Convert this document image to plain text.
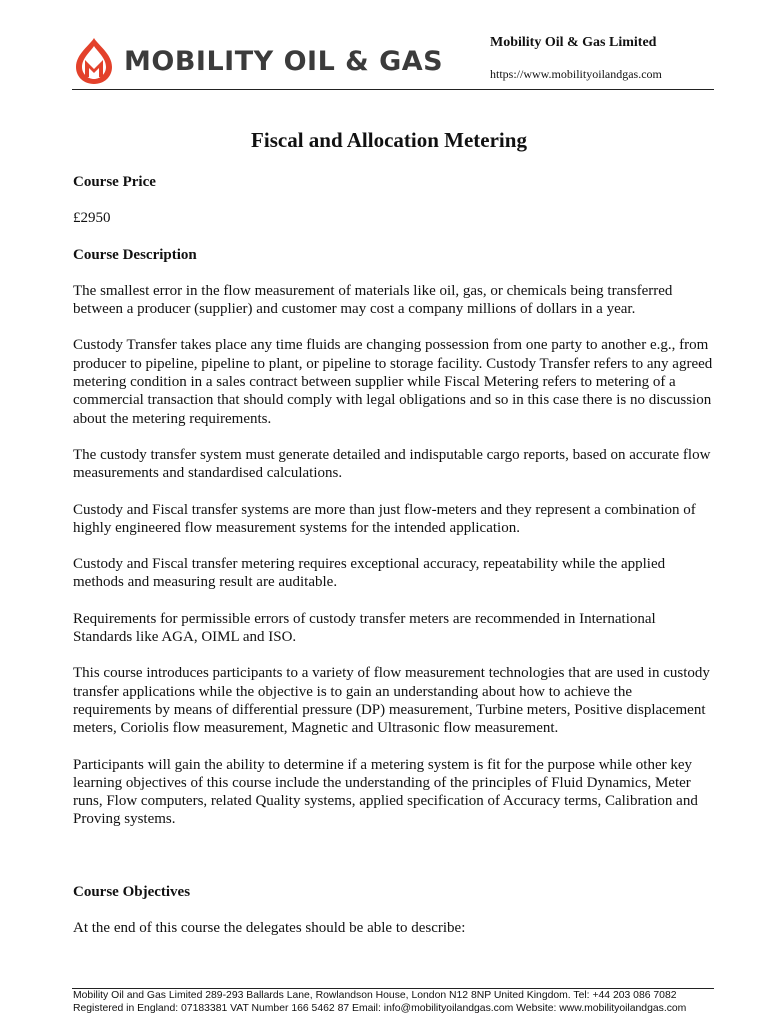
MOBILITY OIL & GAS
Mobility Oil & Gas Limited
https://www.mobilityoilandgas.com
Fiscal and Allocation Metering
Course Price

£2950

Course Description

The smallest error in the flow measurement of materials like oil, gas, or chemicals being transferred between a producer (supplier) and customer may cost a company millions of dollars in a year.

Custody Transfer takes place any time fluids are changing possession from one party to another e.g., from producer to pipeline, pipeline to plant, or pipeline to storage facility. Custody Transfer refers to any agreed metering condition in a sales contract between supplier while Fiscal Metering refers to metering of a commercial transaction that should comply with legal obligations and so in this case there is no discussion about the metering requirements.

The custody transfer system must generate detailed and indisputable cargo reports, based on accurate flow measurements and standardised calculations.

Custody and Fiscal transfer systems are more than just flow-meters and they represent a combination of highly engineered flow measurement systems for the intended application.

Custody and Fiscal transfer metering requires exceptional accuracy, repeatability while the applied methods and measuring result are auditable.

Requirements for permissible errors of custody transfer meters are recommended in International Standards like AGA, OIML and ISO.

This course introduces participants to a variety of flow measurement technologies that are used in custody transfer applications while the objective is to gain an understanding about how to achieve the requirements by means of differential pressure (DP) measurement, Turbine meters, Positive displacement meters, Coriolis flow measurement, Magnetic and Ultrasonic flow measurement.

Participants will gain the ability to determine if a metering system is fit for the purpose while other key learning objectives of this course include the understanding of the principles of Fluid Dynamics, Meter runs, Flow computers, related Quality systems, applied specification of Accuracy terms, Calibration and Proving systems.

Course Objectives

At the end of this course the delegates should be able to describe:

Mobility Oil and Gas Limited 289-293 Ballards Lane, Rowlandson House, London N12 8NP United Kingdom. Tel: +44 203 086 7082
Registered in England: 07183381 VAT Number 166 5462 87 Email: info@mobilityoilandgas.com Website: www.mobilityoilandgas.com
